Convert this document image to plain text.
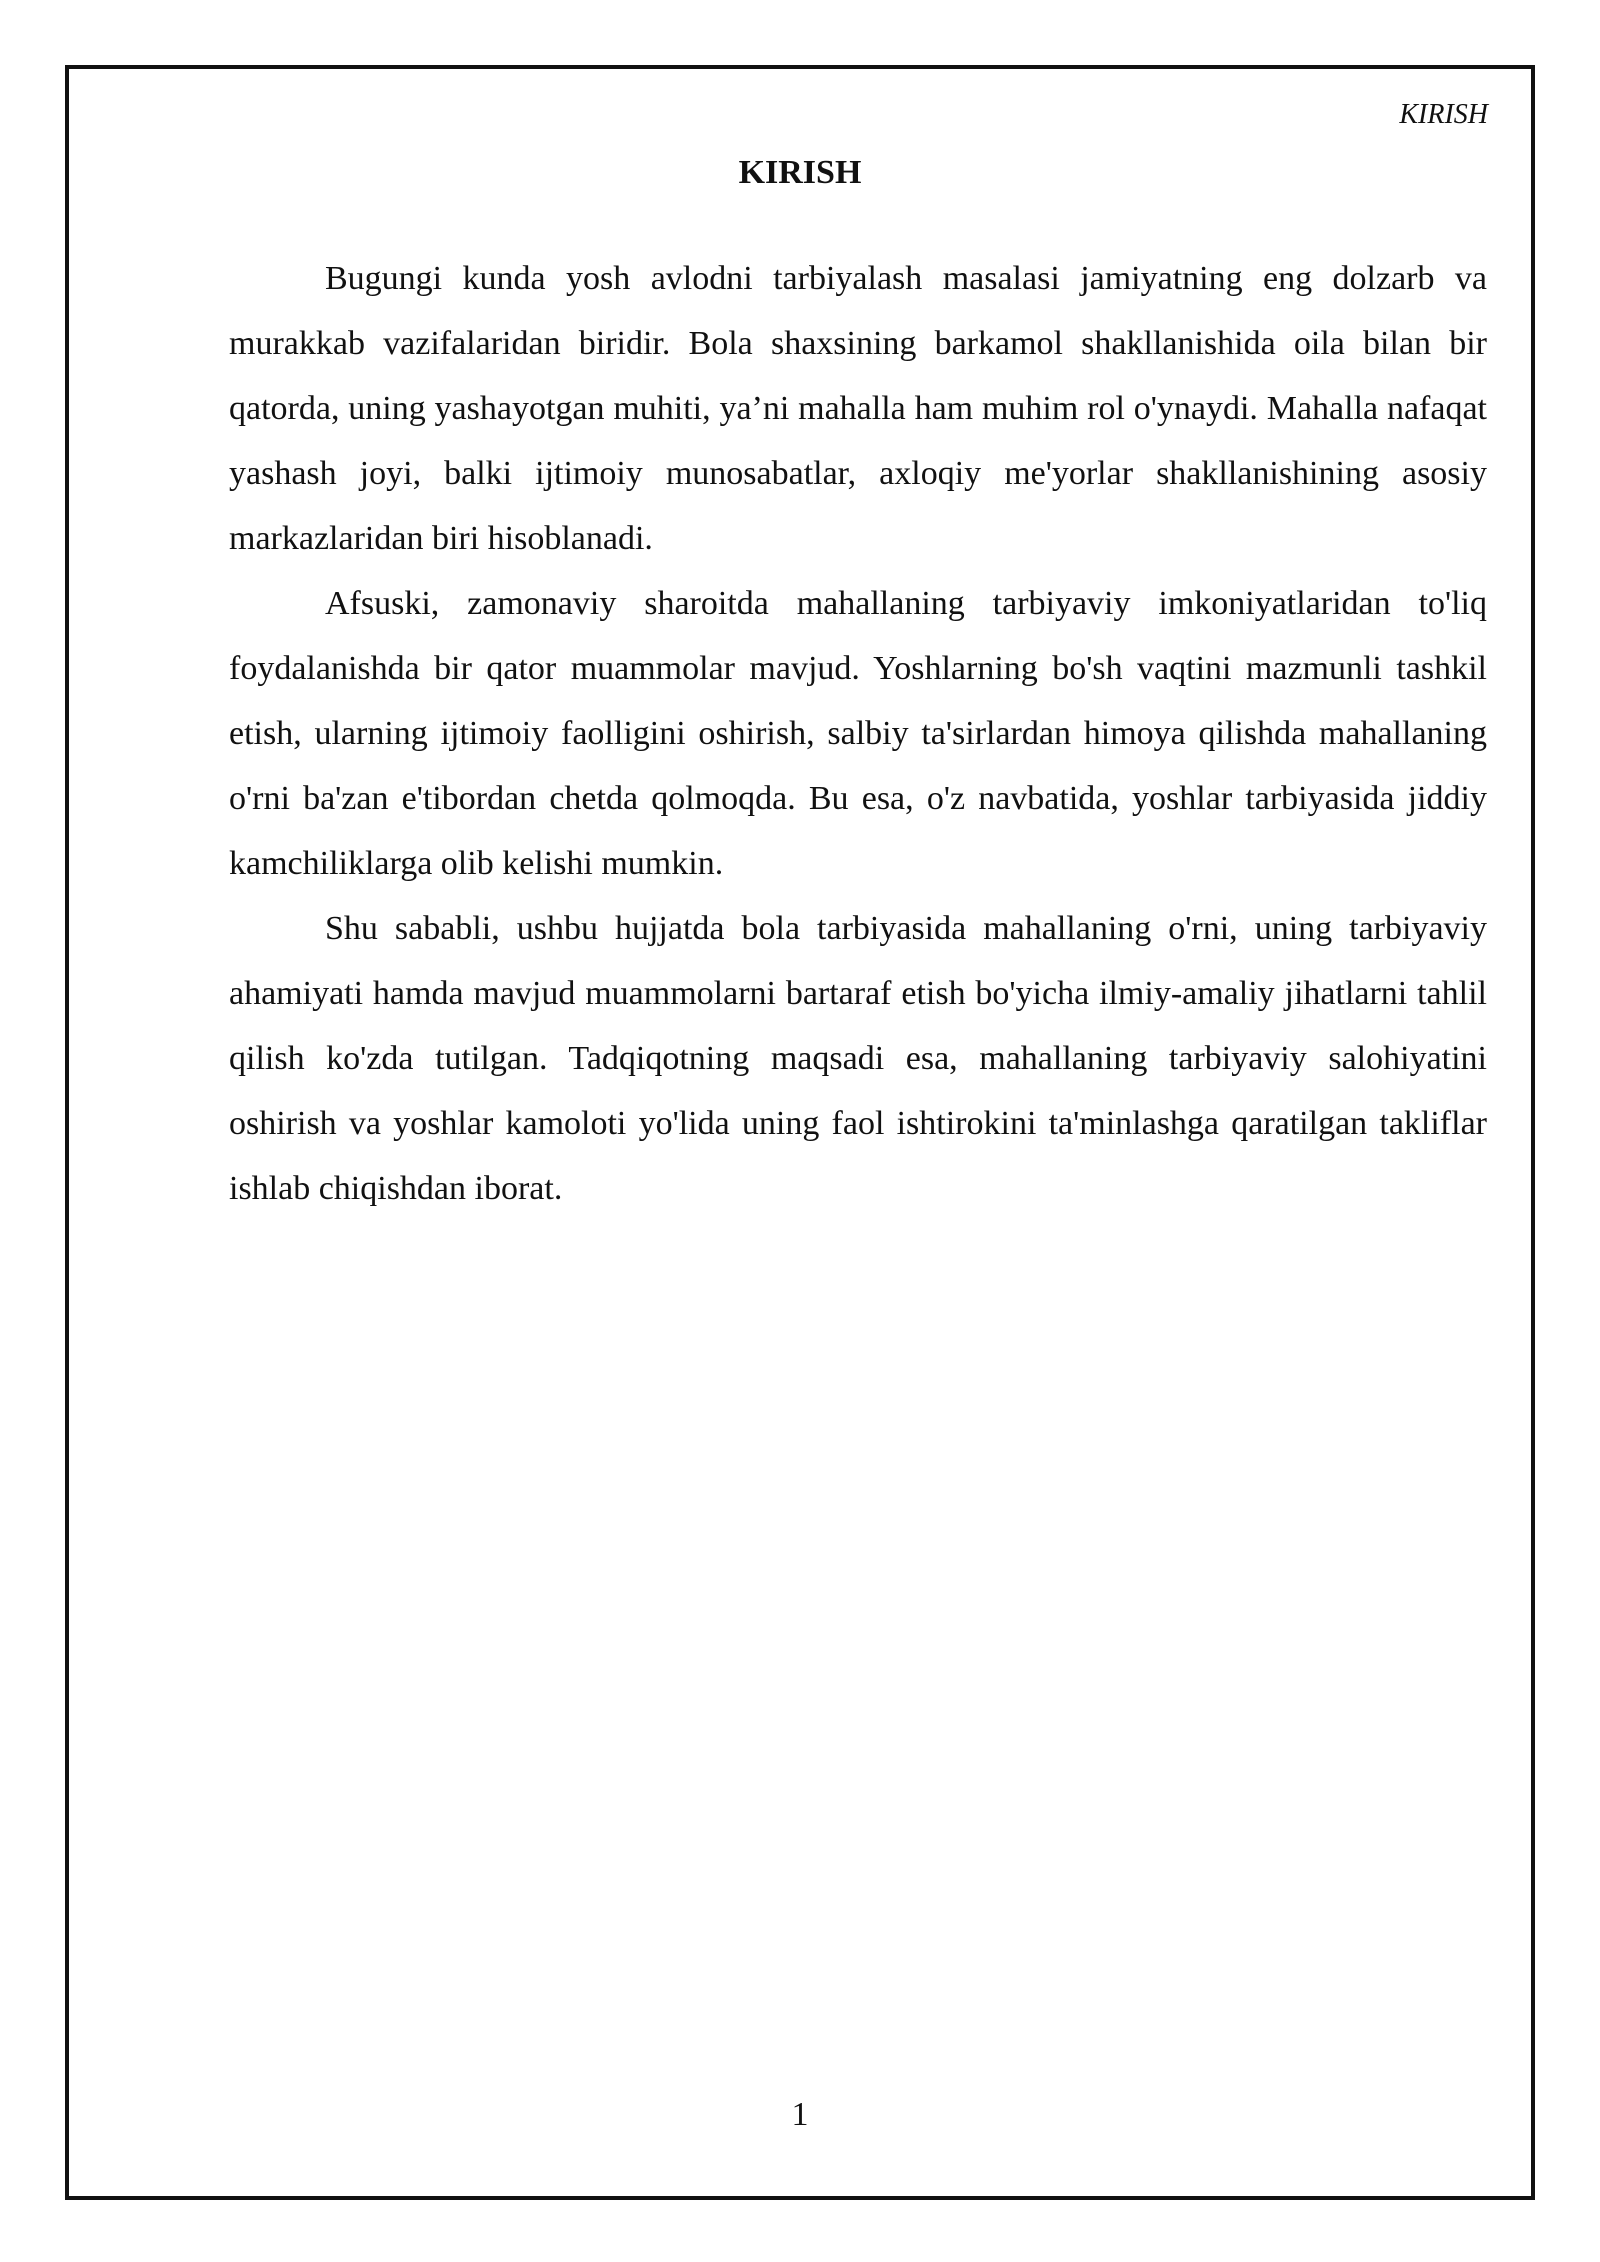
KIRISH
KIRISH

Bugungi kunda yosh avlodni tarbiyalash masalasi jamiyatning eng dolzarb va murakkab vazifalaridan biridir. Bola shaxsining barkamol shakllanishida oila bilan bir qatorda, uning yashayotgan muhiti, ya’ni mahalla ham muhim rol o'ynaydi. Mahalla nafaqat yashash joyi, balki ijtimoiy munosabatlar, axloqiy me'yorlar shakllanishining asosiy markazlaridan biri hisoblanadi.

Afsuski, zamonaviy sharoitda mahallaning tarbiyaviy imkoniyatlaridan to'liq foydalanishda bir qator muammolar mavjud. Yoshlarning bo'sh vaqtini mazmunli tashkil etish, ularning ijtimoiy faolligini oshirish, salbiy ta'sirlardan himoya qilishda mahallaning o'rni ba'zan e'tibordan chetda qolmoqda. Bu esa, o'z navbatida, yoshlar tarbiyasida jiddiy kamchiliklarga olib kelishi mumkin.

Shu sababli, ushbu hujjatda bola tarbiyasida mahallaning o'rni, uning tarbiyaviy ahamiyati hamda mavjud muammolarni bartaraf etish bo'yicha ilmiy-amaliy jihatlarni tahlil qilish ko'zda tutilgan. Tadqiqotning maqsadi esa, mahallaning tarbiyaviy salohiyatini oshirish va yoshlar kamoloti yo'lida uning faol ishtirokini ta'minlashga qaratilgan takliflar ishlab chiqishdan iborat.

1
